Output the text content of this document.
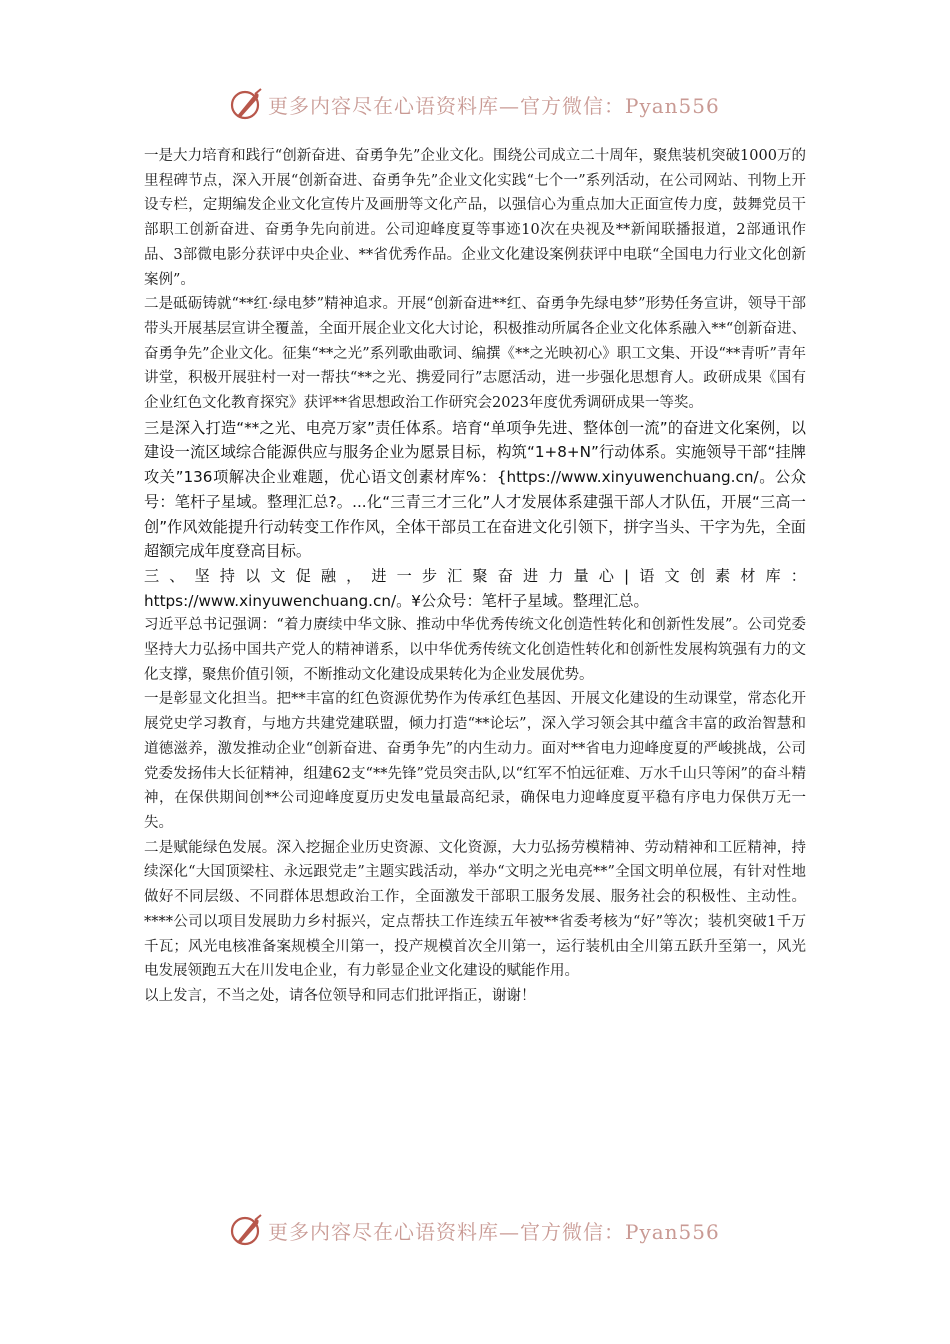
更多内容尽在心语资料库—官方微信：Pyan556

一是大力培育和践行“创新奋进、奋勇争先”企业文化。围绕公司成立二十周年，聚焦装机突破1000万的里程碑节点，深入开展“创新奋进、奋勇争先”企业文化实践“七个一”系列活动，在公司网站、刊物上开设专栏，定期编发企业文化宣传片及画册等文化产品，以强信心为重点加大正面宣传力度，鼓舞党员干部职工创新奋进、奋勇争先向前进。公司迎峰度夏等事迹10次在央视及**新闻联播报道，2部通讯作品、3部微电影分获评中央企业、**省优秀作品。企业文化建设案例获评中电联“全国电力行业文化创新案例”。

二是砥砺铸就“**红·绿电梦”精神追求。开展“创新奋进**红、奋勇争先绿电梦”形势任务宣讲，领导干部带头开展基层宣讲全覆盖，全面开展企业文化大讨论，积极推动所属各企业文化体系融入**“创新奋进、奋勇争先”企业文化。征集“**之光”系列歌曲歌词、编撰《**之光映初心》职工文集、开设“**青听”青年讲堂，积极开展驻村一对一帮扶“**之光、携爱同行”志愿活动，进一步强化思想育人。政研成果《国有企业红色文化教育探究》获评**省思想政治工作研究会2023年度优秀调研成果一等奖。

三是深入打造“**之光、电亮万家”责任体系。培育“单项争先进、整体创一流”的奋进文化案例，以建设一流区域综合能源供应与服务企业为愿景目标，构筑“1+8+N”行动体系。实施领导干部“挂牌攻关”136项解决企业难题，优心语文创素材库%：{https://www.xinyuwenchuang.cn/。公众号：笔杆子星域。整理汇总?。...化“三青三才三化”人才发展体系建强干部人才队伍，开展“三高一创”作风效能提升行动转变工作作风，全体干部员工在奋进文化引领下，拼字当头、干字为先，全面超额完成年度登高目标。

三、坚持以文促融，进一步汇聚奋进力量心|语文创素材库：https://www.xinyuwenchuang.cn/。¥公众号：笔杆子星域。整理汇总。

习近平总书记强调：“着力赓续中华文脉、推动中华优秀传统文化创造性转化和创新性发展”。公司党委坚持大力弘扬中国共产党人的精神谱系，以中华优秀传统文化创造性转化和创新性发展构筑强有力的文化支撑，聚焦价值引领，不断推动文化建设成果转化为企业发展优势。

一是彰显文化担当。把**丰富的红色资源优势作为传承红色基因、开展文化建设的生动课堂，常态化开展党史学习教育，与地方共建党建联盟，倾力打造“**论坛”，深入学习领会其中蕴含丰富的政治智慧和道德滋养，激发推动企业“创新奋进、奋勇争先”的内生动力。面对**省电力迎峰度夏的严峻挑战，公司党委发扬伟大长征精神，组建62支“**先锋”党员突击队,以“红军不怕远征难、万水千山只等闲”的奋斗精神，在保供期间创**公司迎峰度夏历史发电量最高纪录，确保电力迎峰度夏平稳有序电力保供万无一失。

二是赋能绿色发展。深入挖掘企业历史资源、文化资源，大力弘扬劳模精神、劳动精神和工匠精神，持续深化“大国顶梁柱、永远跟党走”主题实践活动，举办“文明之光电亮**”全国文明单位展，有针对性地做好不同层级、不同群体思想政治工作，全面激发干部职工服务发展、服务社会的积极性、主动性。****公司以项目发展助力乡村振兴，定点帮扶工作连续五年被**省委考核为“好”等次；装机突破1千万千瓦；风光电核准备案规模全川第一，投产规模首次全川第一，运行装机由全川第五跃升至第一，风光电发展领跑五大在川发电企业，有力彰显企业文化建设的赋能作用。

以上发言，不当之处，请各位领导和同志们批评指正，谢谢！

更多内容尽在心语资料库—官方微信：Pyan556
